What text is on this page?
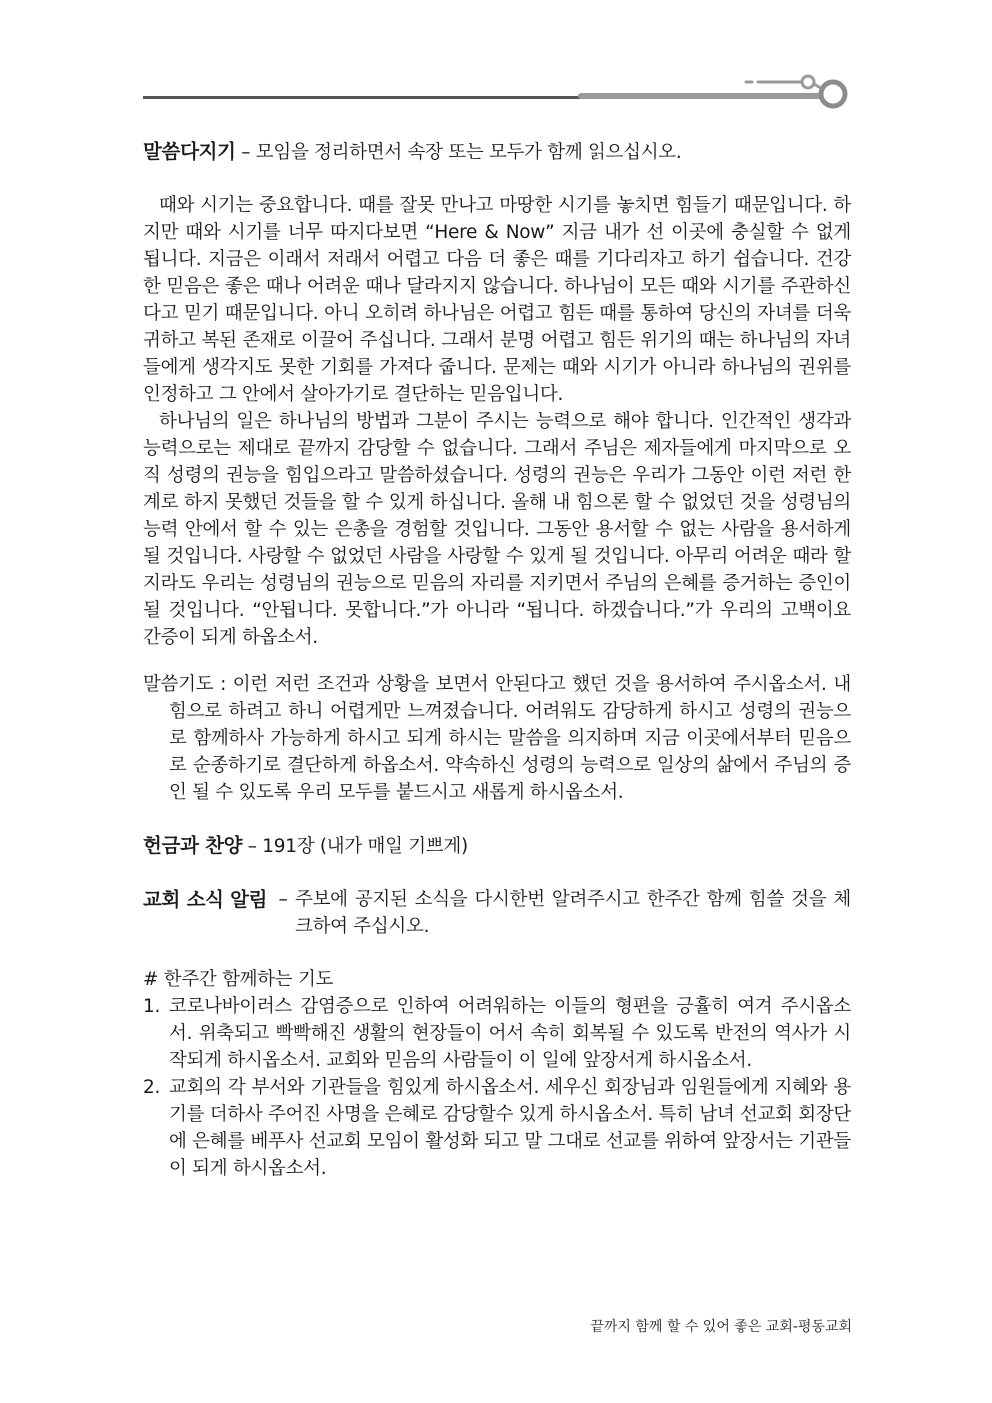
말씀다지기 – 모임을 정리하면서 속장 또는 모두가 함께 읽으십시오.

때와 시기는 중요합니다. 때를 잘못 만나고 마땅한 시기를 놓치면 힘들기 때문입니다. 하지만 때와 시기를 너무 따지다보면 “Here & Now” 지금 내가 선 이곳에 충실할 수 없게 됩니다. 지금은 이래서 저래서 어렵고 다음 더 좋은 때를 기다리자고 하기 쉽습니다. 건강한 믿음은 좋은 때나 어려운 때나 달라지지 않습니다. 하나님이 모든 때와 시기를 주관하신다고 믿기 때문입니다. 아니 오히려 하나님은 어렵고 힘든 때를 통하여 당신의 자녀를 더욱 귀하고 복된 존재로 이끌어 주십니다. 그래서 분명 어렵고 힘든 위기의 때는 하나님의 자녀들에게 생각지도 못한 기회를 가져다 줍니다. 문제는 때와 시기가 아니라 하나님의 권위를 인정하고 그 안에서 살아가기로 결단하는 믿음입니다.

하나님의 일은 하나님의 방법과 그분이 주시는 능력으로 해야 합니다. 인간적인 생각과 능력으로는 제대로 끝까지 감당할 수 없습니다. 그래서 주님은 제자들에게 마지막으로 오직 성령의 권능을 힘입으라고 말씀하셨습니다. 성령의 권능은 우리가 그동안 이런 저런 한계로 하지 못했던 것들을 할 수 있게 하십니다. 올해 내 힘으론 할 수 없었던 것을 성령님의 능력 안에서 할 수 있는 은총을 경험할 것입니다. 그동안 용서할 수 없는 사람을 용서하게 될 것입니다. 사랑할 수 없었던 사람을 사랑할 수 있게 될 것입니다. 아무리 어려운 때라 할지라도 우리는 성령님의 권능으로 믿음의 자리를 지키면서 주님의 은혜를 증거하는 증인이 될 것입니다. “안됩니다. 못합니다.”가 아니라 “됩니다. 하겠습니다.”가 우리의 고백이요 간증이 되게 하옵소서.

말씀기도 : 이런 저런 조건과 상황을 보면서 안된다고 했던 것을 용서하여 주시옵소서. 내힘으로 하려고 하니 어렵게만 느껴졌습니다. 어려워도 감당하게 하시고 성령의 권능으로 함께하사 가능하게 하시고 되게 하시는 말씀을 의지하며 지금 이곳에서부터 믿음으로 순종하기로 결단하게 하옵소서. 약속하신 성령의 능력으로 일상의 삶에서 주님의 증인 될 수 있도록 우리 모두를 붙드시고 새롭게 하시옵소서.

헌금과 찬양 – 191장 (내가 매일 기쁘게)

교회 소식 알림 – 주보에 공지된 소식을 다시한번 알려주시고 한주간 함께 힘쓸 것을 체크하여 주십시오.

# 한주간 함께하는 기도

1. 코로나바이러스 감염증으로 인하여 어려워하는 이들의 형편을 긍휼히 여겨 주시옵소서. 위축되고 빡빡해진 생활의 현장들이 어서 속히 회복될 수 있도록 반전의 역사가 시작되게 하시옵소서. 교회와 믿음의 사람들이 이 일에 앞장서게 하시옵소서.
2. 교회의 각 부서와 기관들을 힘있게 하시옵소서. 세우신 회장님과 임원들에게 지혜와 용기를 더하사 주어진 사명을 은혜로 감당할수 있게 하시옵소서. 특히 남녀 선교회 회장단에 은혜를 베푸사 선교회 모임이 활성화 되고 말 그대로 선교를 위하여 앞장서는 기관들이 되게 하시옵소서.
끝까지 함께 할 수 있어 좋은 교회-평동교회
